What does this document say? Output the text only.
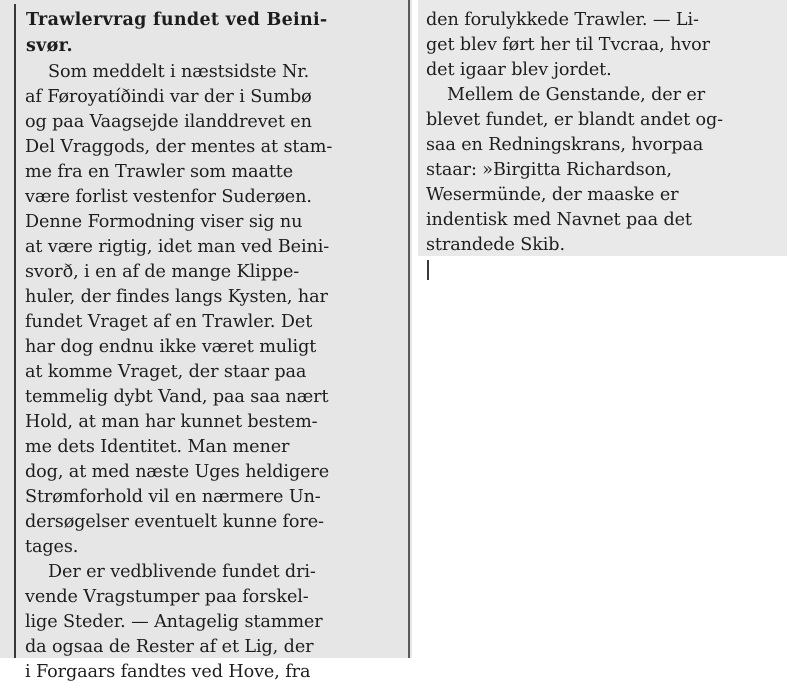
Trawlervrag fundet ved Beini-
svør.
Som meddelt i næstsidste Nr.
af Føroyatíðindi var der i Sumbø
og paa Vaagsejde ilanddrevet en
Del Vraggods, der mentes at stam-
me fra en Trawler som maatte
være forlist vestenfor Suderøen.
Denne Formodning viser sig nu
at være rigtig, idet man ved Beini-
svorð, i en af de mange Klippe-
huler, der findes langs Kysten, har
fundet Vraget af en Trawler. Det
har dog endnu ikke været muligt
at komme Vraget, der staar paa
temmelig dybt Vand, paa saa nært
Hold, at man har kunnet bestem-
me dets Identitet. Man mener
dog, at med næste Uges heldigere
Strømforhold vil en nærmere Un-
dersøgelser eventuelt kunne fore-
tages.
Der er vedblivende fundet dri-
vende Vragstumper paa forskel-
lige Steder. — Antagelig stammer
da ogsaa de Rester af et Lig, der
i Forgaars fandtes ved Hove, fra
den forulykkede Trawler. — Li-
get blev ført her til Tvcraa, hvor
det igaar blev jordet.
Mellem de Genstande, der er
blevet fundet, er blandt andet og-
saa en Redningskrans, hvorpaa
staar: »Birgitta Richardson,
Wesermünde, der maaske er
indentisk med Navnet paa det
strandede Skib.
